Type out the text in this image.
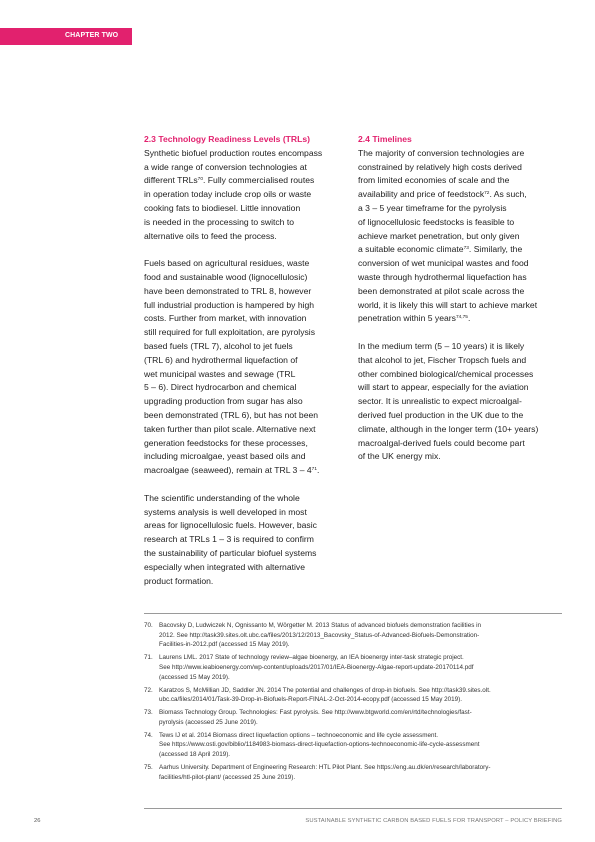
CHAPTER TWO
2.3 Technology Readiness Levels (TRLs)
Synthetic biofuel production routes encompass
a wide range of conversion technologies at
different TRLs$^{70}$. Fully commercialised routes
in operation today include crop oils or waste
cooking fats to biodiesel. Little innovation
is needed in the processing to switch to
alternative oils to feed the process.
Fuels based on agricultural residues, waste
food and sustainable wood (lignocellulosic)
have been demonstrated to TRL 8, however
full industrial production is hampered by high
costs. Further from market, with innovation
still required for full exploitation, are pyrolysis
based fuels (TRL 7), alcohol to jet fuels
(TRL 6) and hydrothermal liquefaction of
wet municipal wastes and sewage (TRL
5 – 6). Direct hydrocarbon and chemical
upgrading production from sugar has also
been demonstrated (TRL 6), but has not been
taken further than pilot scale. Alternative next
generation feedstocks for these processes,
including microalgae, yeast based oils and
macroalgae (seaweed), remain at TRL $3 - 4^{71}$.
The scientific understanding of the whole
systems analysis is well developed in most
areas for lignocellulosic fuels. However, basic
research at TRLs 1 – 3 is required to confirm
the sustainability of particular biofuel systems
especially when integrated with alternative
product formation.
2.4 Timelines
The majority of conversion technologies are
constrained by relatively high costs derived
from limited economies of scale and the
availability and price of feedstock$^{72}$. As such,
a 3 – 5 year timeframe for the pyrolysis
of lignocellulosic feedstocks is feasible to
achieve market penetration, but only given
a suitable economic climate$^{73}$. Similarly, the
conversion of wet municipal wastes and food
waste through hydrothermal liquefaction has
been demonstrated at pilot scale across the
world, it is likely this will start to achieve market
penetration within 5 years$^{74,75}$.
In the medium term (5 – 10 years) it is likely
that alcohol to jet, Fischer Tropsch fuels and
other combined biological/chemical processes
will start to appear, especially for the aviation
sector. It is unrealistic to expect microalgal-
derived fuel production in the UK due to the
climate, although in the longer term (10+ years)
macroalgal-derived fuels could become part
of the UK energy mix.
70. Bacovsky D, Ludwiczek N, Ognissanto M, Wörgetter M. 2013 Status of advanced biofuels demonstration facilities in
2012. See http://task39.sites.olt.ubc.ca/files/2013/12/2013_Bacovsky_Status-of-Advanced-Biofuels-Demonstration-
Facilities-in-2012.pdf (accessed 15 May 2019).
71. Laurens LML. 2017 State of technology review–algae bioenergy, an IEA bioenergy inter-task strategic project.
See http://www.ieabioenergy.com/wp-content/uploads/2017/01/IEA-Bioenergy-Algae-report-update-20170114.pdf
(accessed 15 May 2019).
72. Karatzos S, McMillian JD, Saddler JN. 2014 The potential and challenges of drop-in biofuels. See http://task39.sites.olt.
ubc.ca/files/2014/01/Task-39-Drop-in-Biofuels-Report-FINAL-2-Oct-2014-ecopy.pdf (accessed 15 May 2019).
73. Biomass Technology Group. Technologies: Fast pyrolysis. See http://www.btgworld.com/en/rtd/technologies/fast-
pyrolysis (accessed 25 June 2019).
74. Tews IJ et al. 2014 Biomass direct liquefaction options – technoeconomic and life cycle assessment.
See https://www.osti.gov/biblio/1184983-biomass-direct-liquefaction-options-technoeconomic-life-cycle-assessment
(accessed 18 April 2019).
75. Aarhus University. Department of Engineering Research: HTL Pilot Plant. See https://eng.au.dk/en/research/laboratory-
facilities/htl-pilot-plant/ (accessed 25 June 2019).
26	SUSTAINABLE SYNTHETIC CARBON BASED FUELS FOR TRANSPORT – POLICY BRIEFING
